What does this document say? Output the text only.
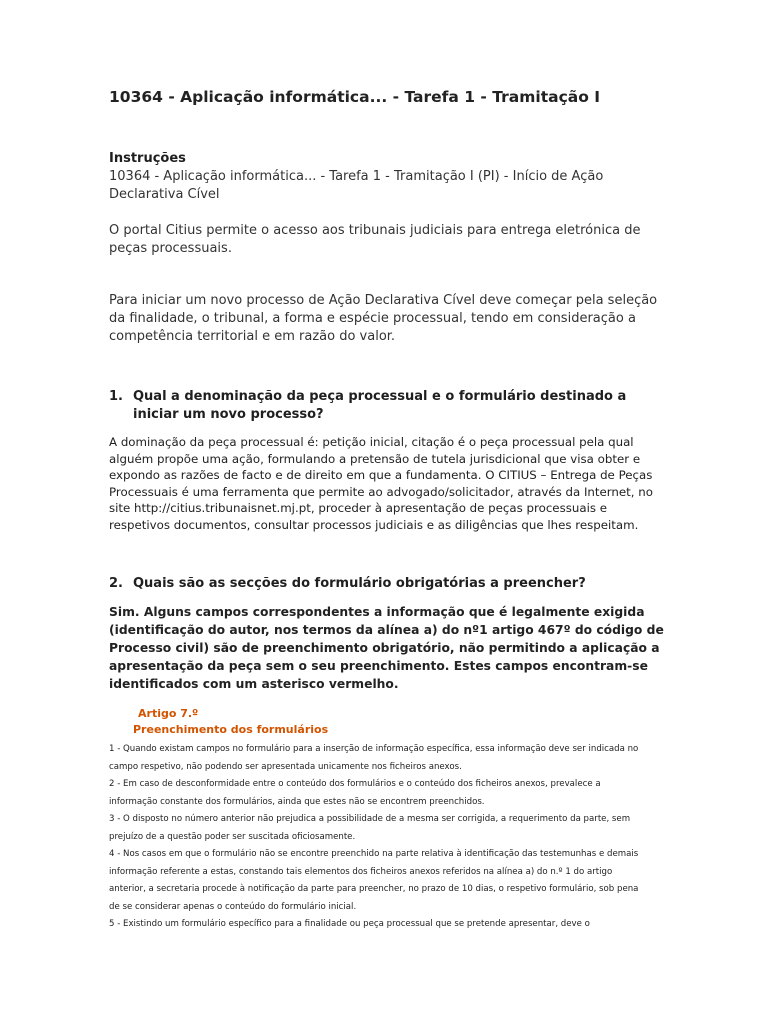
10364 - Aplicação informática... - Tarefa 1 - Tramitação I
Instruções
10364 - Aplicação informática... - Tarefa 1 - Tramitação I (PI) - Início de Ação Declarativa Cível

O portal Citius permite o acesso aos tribunais judiciais para entrega eletrónica de peças processuais.

Para iniciar um novo processo de Ação Declarativa Cível deve começar pela seleção da finalidade, o tribunal, a forma e espécie processual, tendo em consideração a competência territorial e em razão do valor.

1. Qual a denominação da peça processual e o formulário destinado a iniciar um novo processo?

A dominação da peça processual é: petição inicial, citação é o peça processual pela qual alguém propõe uma ação, formulando a pretensão de tutela jurisdicional que visa obter e expondo as razões de facto e de direito em que a fundamenta. O CITIUS – Entrega de Peças Processuais é uma ferramenta que permite ao advogado/solicitador, através da Internet, no site http://citius.tribunaisnet.mj.pt, proceder à apresentação de peças processuais e respetivos documentos, consultar processos judiciais e as diligências que lhes respeitam.

2. Quais são as secções do formulário obrigatórias a preencher?

Sim. Alguns campos correspondentes a informação que é legalmente exigida (identificação do autor, nos termos da alínea a) do nº1 artigo 467º do código de Processo civil) são de preenchimento obrigatório, não permitindo a aplicação a apresentação da peça sem o seu preenchimento. Estes campos encontram-se identificados com um asterisco vermelho.

Artigo 7.º
Preenchimento dos formulários

1 - Quando existam campos no formulário para a inserção de informação específica, essa informação deve ser indicada no campo respetivo, não podendo ser apresentada unicamente nos ficheiros anexos.

2 - Em caso de desconformidade entre o conteúdo dos formulários e o conteúdo dos ficheiros anexos, prevalece a informação constante dos formulários, ainda que estes não se encontrem preenchidos.

3 - O disposto no número anterior não prejudica a possibilidade de a mesma ser corrigida, a requerimento da parte, sem prejuízo de a questão poder ser suscitada oficiosamente.

4 - Nos casos em que o formulário não se encontre preenchido na parte relativa à identificação das testemunhas e demais informação referente a estas, constando tais elementos dos ficheiros anexos referidos na alínea a) do n.º 1 do artigo anterior, a secretaria procede à notificação da parte para preencher, no prazo de 10 dias, o respetivo formulário, sob pena de se considerar apenas o conteúdo do formulário inicial.

5 - Existindo um formulário específico para a finalidade ou peça processual que se pretende apresentar, deve o
